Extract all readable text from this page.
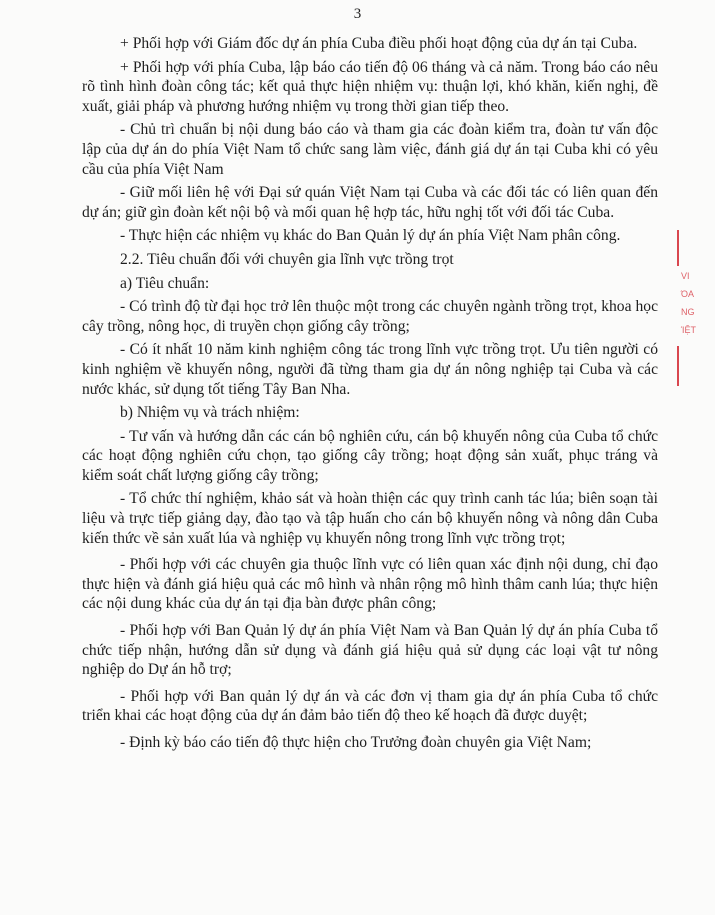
3

+ Phối hợp với Giám đốc dự án phía Cuba điều phối hoạt động của dự án tại Cuba.

+ Phối hợp với phía Cuba, lập báo cáo tiến độ 06 tháng và cả năm. Trong báo cáo nêu rõ tình hình đoàn công tác; kết quả thực hiện nhiệm vụ: thuận lợi, khó khăn, kiến nghị, đề xuất, giải pháp và phương hướng nhiệm vụ trong thời gian tiếp theo.

- Chủ trì chuẩn bị nội dung báo cáo và tham gia các đoàn kiểm tra, đoàn tư vấn độc lập của dự án do phía Việt Nam tổ chức sang làm việc, đánh giá dự án tại Cuba khi có yêu cầu của phía Việt Nam

- Giữ mối liên hệ với Đại sứ quán Việt Nam tại Cuba và các đối tác có liên quan đến dự án; giữ gìn đoàn kết nội bộ và mối quan hệ hợp tác, hữu nghị tốt với đối tác Cuba.

- Thực hiện các nhiệm vụ khác do Ban Quản lý dự án phía Việt Nam phân công.

2.2. Tiêu chuẩn đối với chuyên gia lĩnh vực trồng trọt

a) Tiêu chuẩn:

- Có trình độ từ đại học trở lên thuộc một trong các chuyên ngành trồng trọt, khoa học cây trồng, nông học, di truyền chọn giống cây trồng;

- Có ít nhất 10 năm kinh nghiệm công tác trong lĩnh vực trồng trọt. Ưu tiên người có kinh nghiệm về khuyến nông, người đã từng tham gia dự án nông nghiệp tại Cuba và các nước khác, sử dụng tốt tiếng Tây Ban Nha.

b) Nhiệm vụ và trách nhiệm:

- Tư vấn và hướng dẫn các cán bộ nghiên cứu, cán bộ khuyến nông của Cuba tổ chức các hoạt động nghiên cứu chọn, tạo giống cây trồng; hoạt động sản xuất, phục tráng và kiểm soát chất lượng giống cây trồng;

- Tổ chức thí nghiệm, khảo sát và hoàn thiện các quy trình canh tác lúa; biên soạn tài liệu và trực tiếp giảng dạy, đào tạo và tập huấn cho cán bộ khuyến nông và nông dân Cuba kiến thức về sản xuất lúa và nghiệp vụ khuyến nông trong lĩnh vực trồng trọt;

- Phối hợp với các chuyên gia thuộc lĩnh vực có liên quan xác định nội dung, chỉ đạo thực hiện và đánh giá hiệu quả các mô hình và nhân rộng mô hình thâm canh lúa; thực hiện các nội dung khác của dự án tại địa bàn được phân công;

- Phối hợp với Ban Quản lý dự án phía Việt Nam và Ban Quản lý dự án phía Cuba tổ chức tiếp nhận, hướng dẫn sử dụng và đánh giá hiệu quả sử dụng các loại vật tư nông nghiệp do Dự án hỗ trợ;

- Phối hợp với Ban quản lý dự án và các đơn vị tham gia dự án phía Cuba tổ chức triển khai các hoạt động của dự án đảm bảo tiến độ theo kế hoạch đã được duyệt;

- Định kỳ báo cáo tiến độ thực hiện cho Trưởng đoàn chuyên gia Việt Nam;

VI
ΌΑ
NG
ΊỆΤ
